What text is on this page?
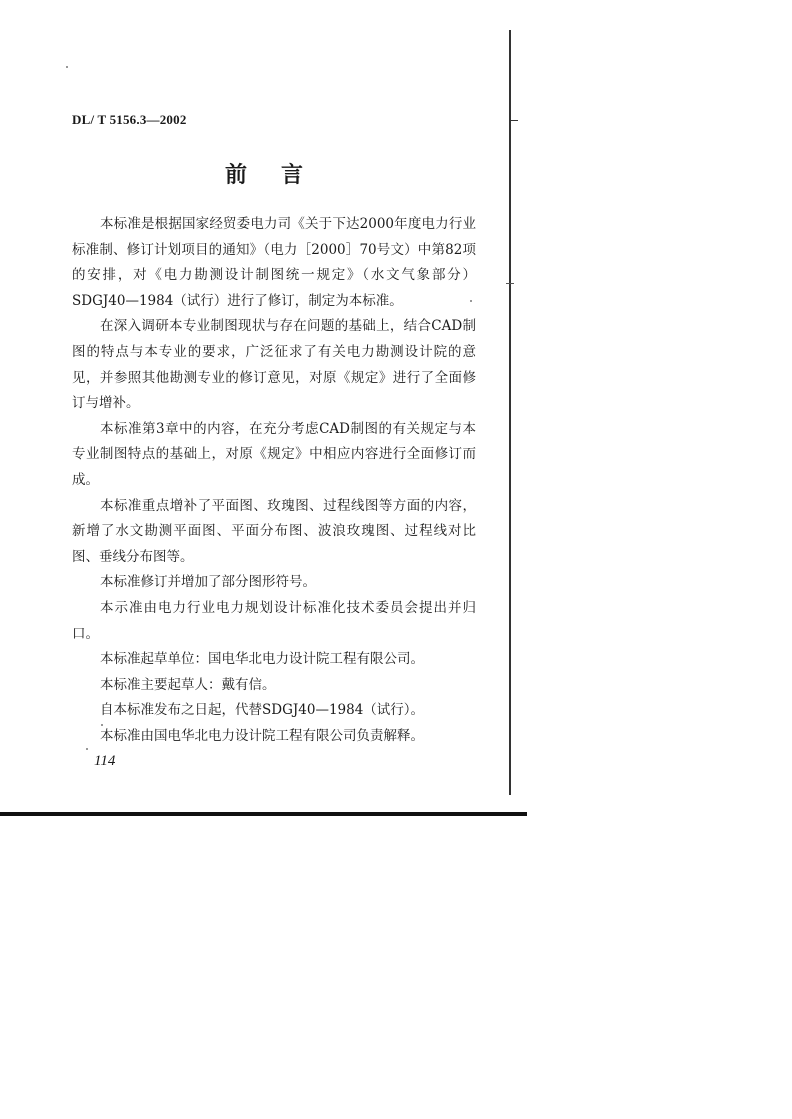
DL/ T 5156.3—2002
前言

本标准是根据国家经贸委电力司《关于下达2000年度电力行业标准制、修订计划项目的通知》（电力［2000］70号文）中第82项的安排，对《电力勘测设计制图统一规定》（水文气象部分）SDGJ40—1984（试行）进行了修订，制定为本标准。

在深入调研本专业制图现状与存在问题的基础上，结合CAD制图的特点与本专业的要求，广泛征求了有关电力勘测设计院的意见，并参照其他勘测专业的修订意见，对原《规定》进行了全面修订与增补。

本标准第3章中的内容，在充分考虑CAD制图的有关规定与本专业制图特点的基础上，对原《规定》中相应内容进行全面修订而成。

本标准重点增补了平面图、玫瑰图、过程线图等方面的内容，新增了水文勘测平面图、平面分布图、波浪玫瑰图、过程线对比图、垂线分布图等。

本标准修订并增加了部分图形符号。

本示准由电力行业电力规划设计标准化技术委员会提出并归口。

本标准起草单位：国电华北电力设计院工程有限公司。

本标准主要起草人：戴有信。

自本标准发布之日起，代替SDGJ40—1984（试行）。

本标准由国电华北电力设计院工程有限公司负责解释。

114
